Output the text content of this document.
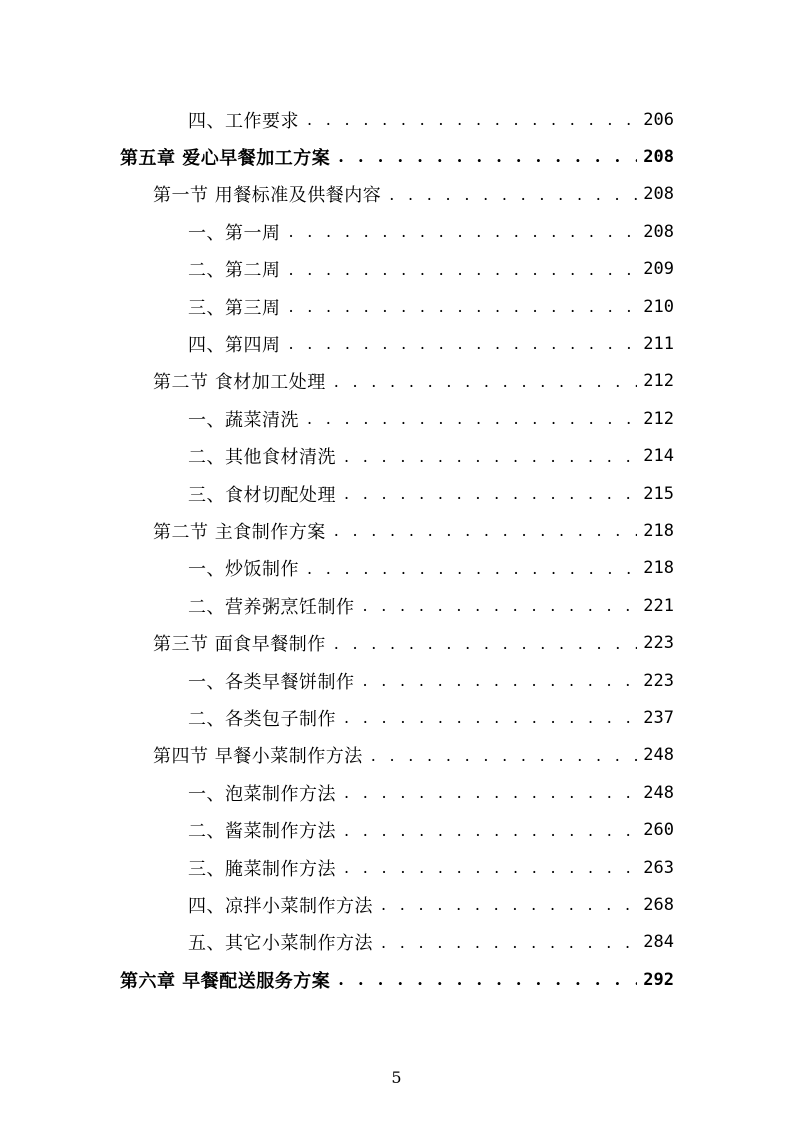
四、工作要求 . . .	206
第五章 爱心早餐加工方案 . . .	208
第一节 用餐标准及供餐内容 . . .	208
一、第一周 . . .	208
二、第二周 . . .	209
三、第三周 . . .	210
四、第四周 . . .	211
第二节 食材加工处理 . . .	212
一、蔬菜清洗 . . .	212
二、其他食材清洗 . . .	214
三、食材切配处理 . . .	215
第二节 主食制作方案 . . .	218
一、炒饭制作 . . .	218
二、营养粥烹饪制作 . . .	221
第三节 面食早餐制作 . . .	223
一、各类早餐饼制作 . . .	223
二、各类包子制作 . . .	237
第四节 早餐小菜制作方法 . . .	248
一、泡菜制作方法 . . .	248
二、酱菜制作方法 . . .	260
三、腌菜制作方法 . . .	263
四、凉拌小菜制作方法 . . .	268
五、其它小菜制作方法 . . .	284
第六章 早餐配送服务方案 . . .	292
5
